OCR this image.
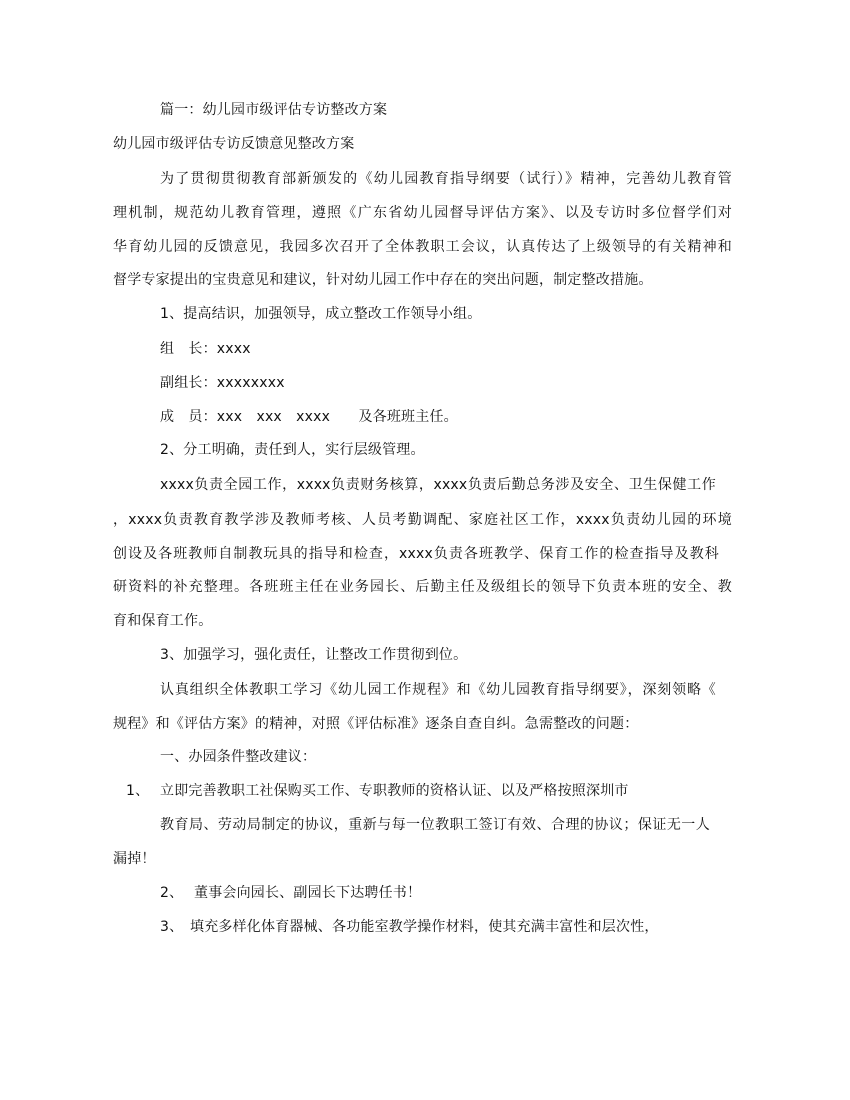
篇一：幼儿园市级评估专访整改方案
幼儿园市级评估专访反馈意见整改方案
为了贯彻贯彻教育部新颁发的《幼儿园教育指导纲要（试行）》精神，完善幼儿教育管
理机制，规范幼儿教育管理，遵照《广东省幼儿园督导评估方案》、以及专访时多位督学们对
华育幼儿园的反馈意见，我园多次召开了全体教职工会议，认真传达了上级领导的有关精神和
督学专家提出的宝贵意见和建议，针对幼儿园工作中存在的突出问题，制定整改措施。
1、提高结识，加强领导，成立整改工作领导小组。
组　长：xxxx
副组长：xxxxxxxx
成　员：xxx　xxx　xxxx　　及各班班主任。
2、分工明确，责任到人，实行层级管理。
xxxx负责全园工作，xxxx负责财务核算，xxxx负责后勤总务涉及安全、卫生保健工作
，xxxx负责教育教学涉及教师考核、人员考勤调配、家庭社区工作，xxxx负责幼儿园的环境
创设及各班教师自制教玩具的指导和检查，xxxx负责各班教学、保育工作的检查指导及教科
研资料的补充整理。各班班主任在业务园长、后勤主任及级组长的领导下负责本班的安全、教
育和保育工作。
3、加强学习，强化责任，让整改工作贯彻到位。
认真组织全体教职工学习《幼儿园工作规程》和《幼儿园教育指导纲要》，深刻领略《
规程》和《评估方案》的精神，对照《评估标准》逐条自查自纠。急需整改的问题：
一、办园条件整改建议：
1、 立即完善教职工社保购买工作、专职教师的资格认证、以及严格按照深圳市
教育局、劳动局制定的协议，重新与每一位教职工签订有效、合理的协议；保证无一人
漏掉！
2、 董事会向园长、副园长下达聘任书！
3、 填充多样化体育器械、各功能室教学操作材料，使其充满丰富性和层次性，
